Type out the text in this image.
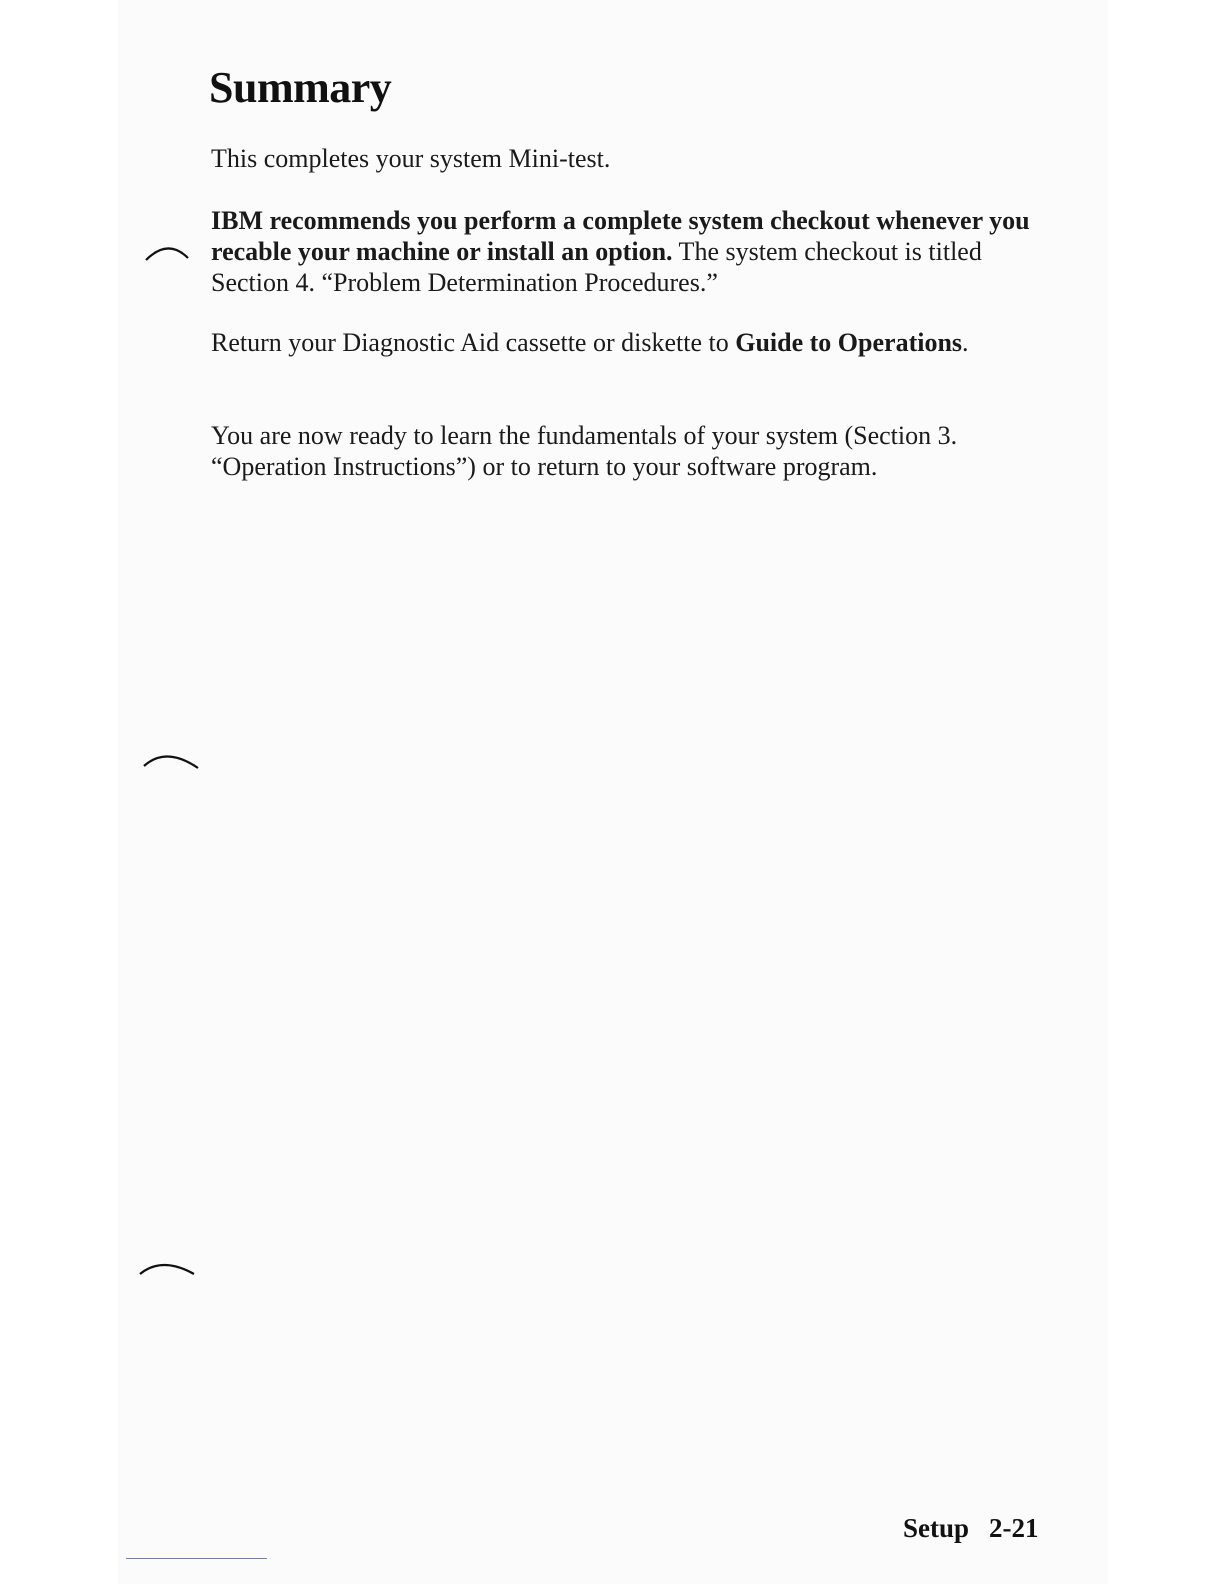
Summary

This completes your system Mini-test.

IBM recommends you perform a complete system checkout whenever you recable your machine or install an option. The system checkout is titled Section 4. “Problem Determination Procedures.”

Return your Diagnostic Aid cassette or diskette to Guide to Operations.

You are now ready to learn the fundamentals of your system (Section 3. “Operation Instructions”) or to return to your software program.

Setup 2-21
